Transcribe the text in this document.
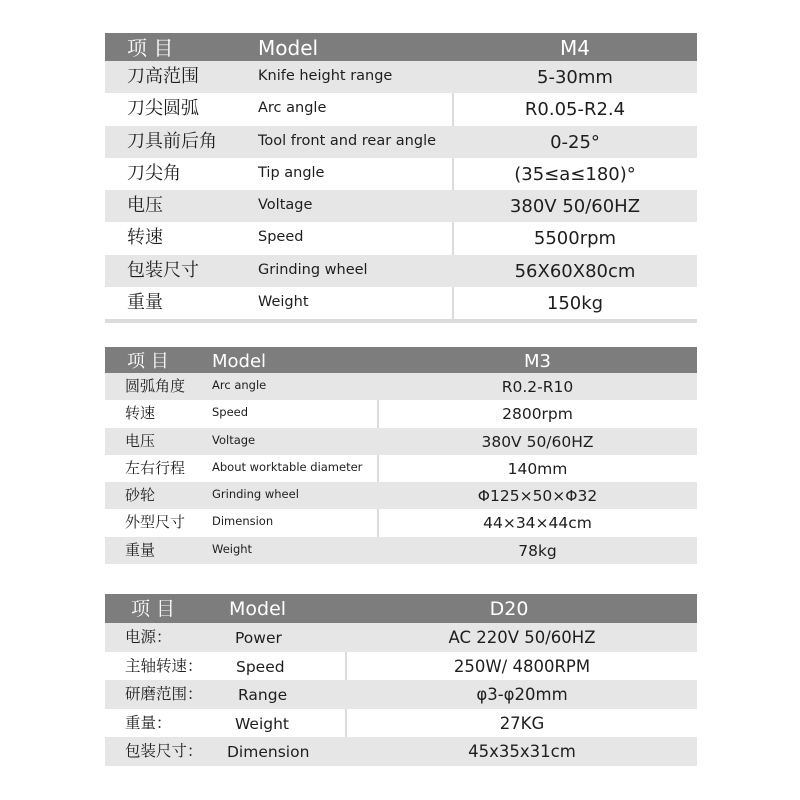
项 目	Model	M4
刀高范围	Knife height range	5-30mm
刀尖圆弧	Arc angle	R0.05-R2.4
刀具前后角	Tool front and rear angle	0-25°
刀尖角	Tip angle	(35≤a≤180)°
电压	Voltage	380V 50/60HZ
转速	Speed	5500rpm
包装尺寸	Grinding wheel	56X60X80cm
重量	Weight	150kg
项 目 Model	M3
圆弧角度 Arc angle	R0.2-R10
转速	Speed	2800rpm
电压	Voltage	380V 50/60HZ
左右行程 About worktable diameter	140mm
砂轮	Grinding wheel	Φ125×50×Φ32
外型尺寸 Dimension	44×34×44cm
重量	Weight	78kg
项 目	Model	D20
电源：	Power	AC 220V 50/60HZ
主轴转速： Speed	250W/ 4800RPM
研磨范围： Range	φ3-φ20mm
重量：	Weight	27KG
包装尺寸： Dimension	45x35x31cm
